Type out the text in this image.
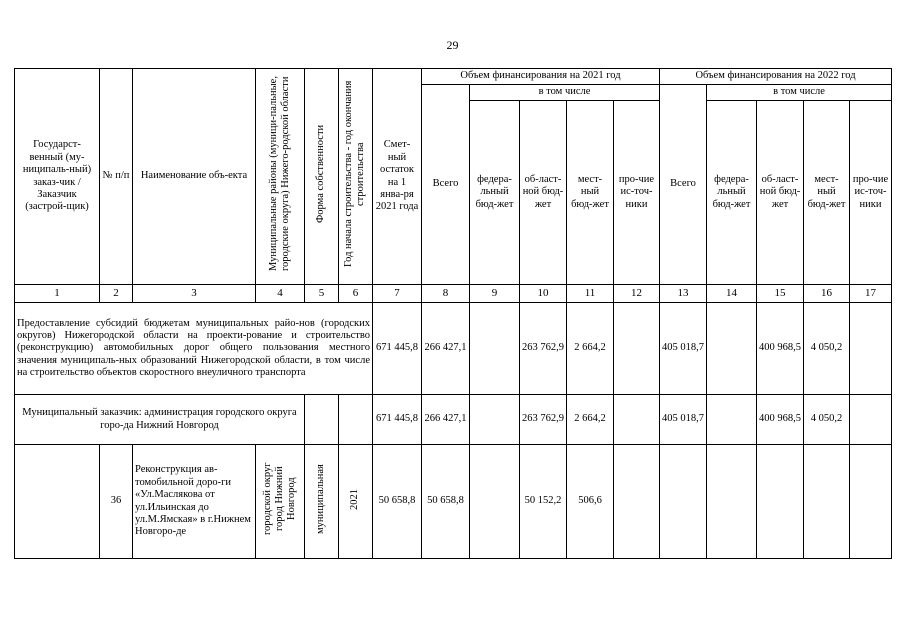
29
Государст-венный (му-ниципаль-ный) заказ-чик / Заказчик (застрой-щик)	№ п/п	Наименование объ-екта	Муниципальные районы (муници-пальные, городские округа) Нижего-родской области	Форма собственности	Год начала строительства - год окончания строительства	Смет-ный остаток на 1 янва-ря 2021 года	Объем финансирования на 2021 год					Объем финансирования на 2022 год				
							Всего	в том числе				Всего	в том числе			
								федера-льный бюд-жет	об-ласт-ной бюд-жет	мест-ный бюд-жет	про-чие ис-точ-ники		федера-льный бюд-жет	об-ласт-ной бюд-жет	мест-ный бюд-жет	про-чие ис-точ-ники
1	2	3	4	5	6	7	8	9	10	11	12	13	14	15	16	17
Предоставление субсидий бюджетам муниципальных райо-нов (городских округов) Нижегородской области на проекти-рование и строительство (реконструкцию) автомобильных дорог общего пользования местного значения муниципаль-ных образований Нижегородской области, в том числе на строительство объектов скоростного внеуличного транспорта						671 445,8	266 427,1		263 762,9	2 664,2		405 018,7		400 968,5	4 050,2	
Муниципальный заказчик: администрация городского округа горо-да Нижний Новгород						671 445,8	266 427,1		263 762,9	2 664,2		405 018,7		400 968,5	4 050,2	
	36	Реконструкция ав-томобильной доро-ги «Ул.Маслякова от ул.Ильинская до ул.М.Ямская» в г.Нижнем Новгоро-де	городской округ город Нижний Новгород	муниципальная	2021	50 658,8	50 658,8		50 152,2	506,6						
